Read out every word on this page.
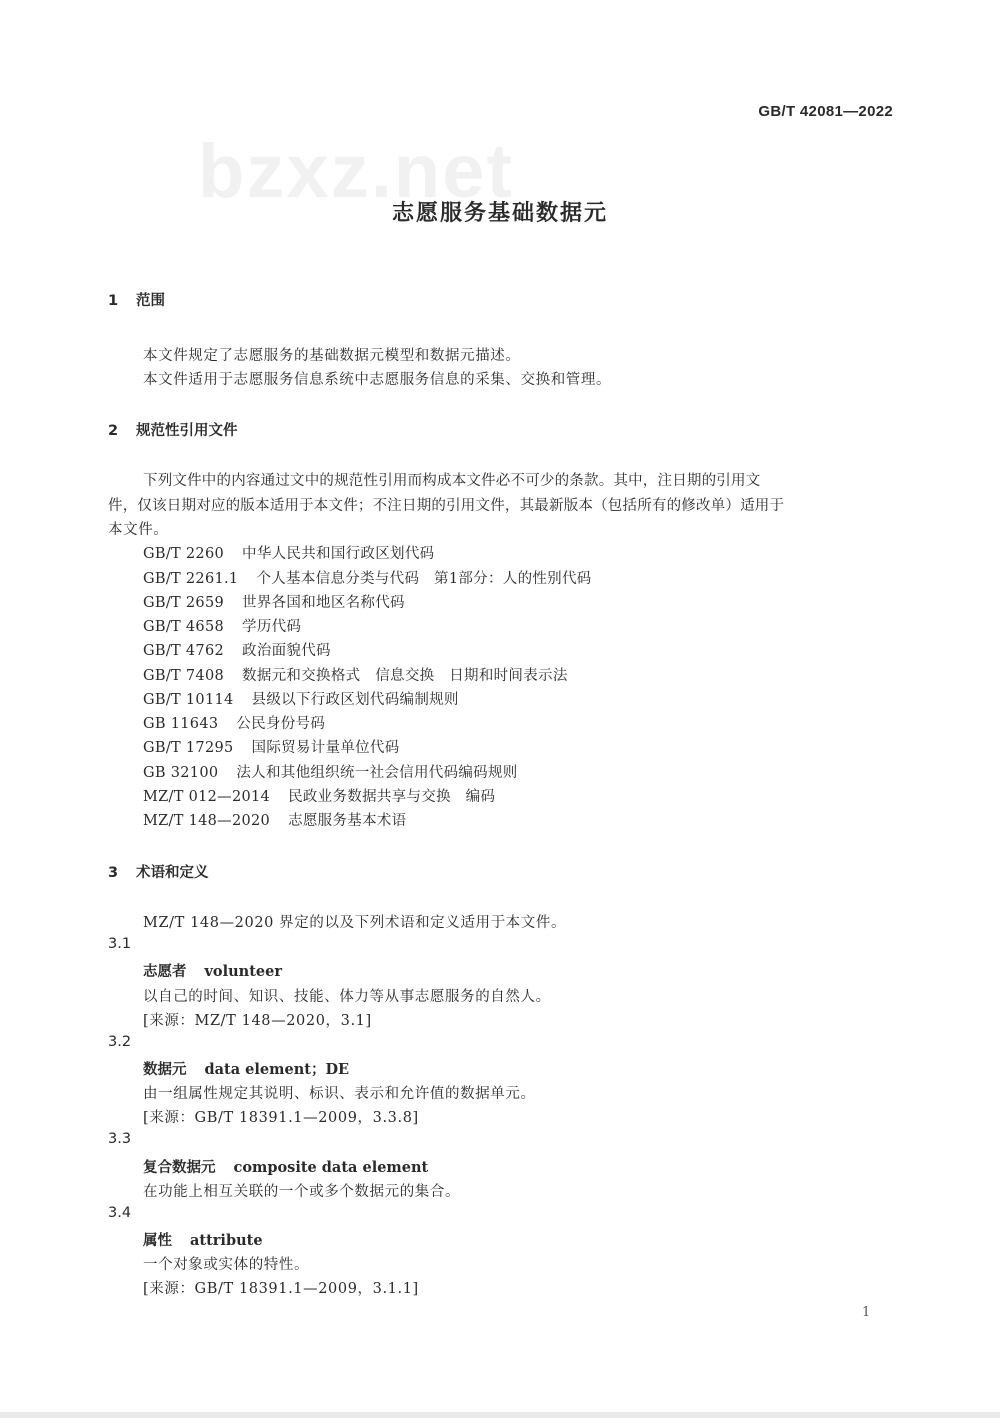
GB/T 42081—2022
bzxz.net
志愿服务基础数据元
1 范围
本文件规定了志愿服务的基础数据元模型和数据元描述。
本文件适用于志愿服务信息系统中志愿服务信息的采集、交换和管理。
2 规范性引用文件
下列文件中的内容通过文中的规范性引用而构成本文件必不可少的条款。其中，注日期的引用文
件，仅该日期对应的版本适用于本文件；不注日期的引用文件，其最新版本（包括所有的修改单）适用于
本文件。
GB/T 2260 中华人民共和国行政区划代码
GB/T 2261.1 个人基本信息分类与代码　第1部分：人的性别代码
GB/T 2659 世界各国和地区名称代码
GB/T 4658 学历代码
GB/T 4762 政治面貌代码
GB/T 7408 数据元和交换格式　信息交换　日期和时间表示法
GB/T 10114 县级以下行政区划代码编制规则
GB 11643 公民身份号码
GB/T 17295 国际贸易计量单位代码
GB 32100 法人和其他组织统一社会信用代码编码规则
MZ/T 012—2014 民政业务数据共享与交换　编码
MZ/T 148—2020 志愿服务基本术语
3 术语和定义
MZ/T 148—2020 界定的以及下列术语和定义适用于本文件。
3.1
志愿者 volunteer
以自己的时间、知识、技能、体力等从事志愿服务的自然人。
[来源：MZ/T 148—2020，3.1]
3.2
数据元 data element；DE
由一组属性规定其说明、标识、表示和允许值的数据单元。
[来源：GB/T 18391.1—2009，3.3.8]
3.3
复合数据元 composite data element
在功能上相互关联的一个或多个数据元的集合。
3.4
属性 attribute
一个对象或实体的特性。
[来源：GB/T 18391.1—2009，3.1.1]
1
